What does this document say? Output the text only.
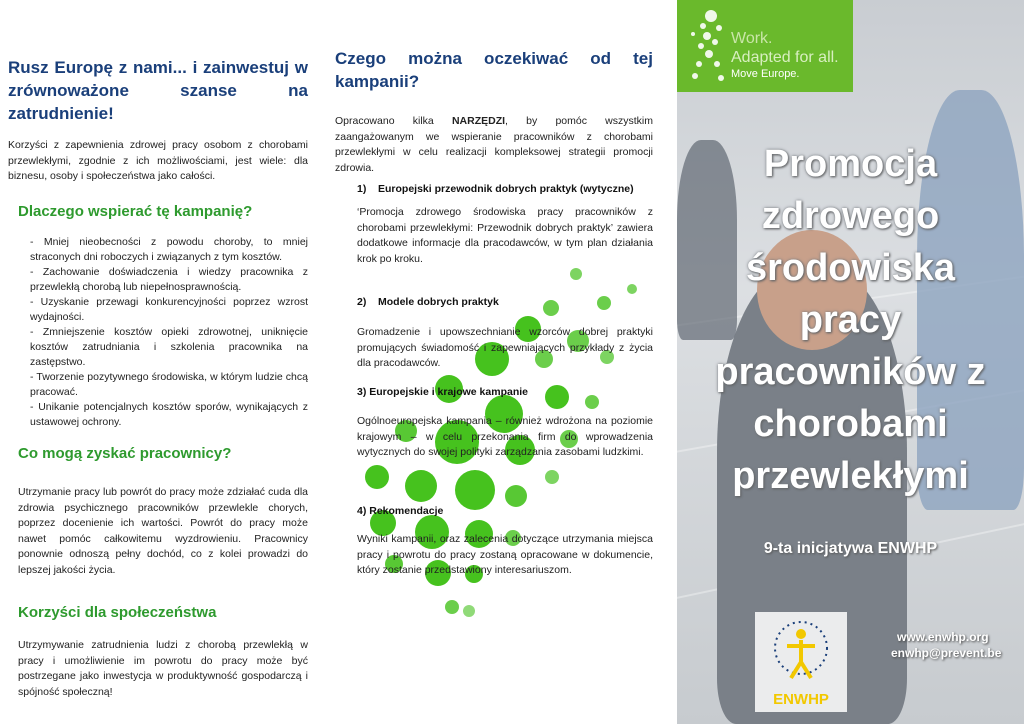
Rusz Europę z nami... i zainwestuj w zrównoważone szanse na zatrudnienie!

Korzyści z zapewnienia zdrowej pracy osobom z chorobami przewlekłymi, zgodnie z ich możliwościami, jest wiele: dla biznesu, osoby i społeczeństwa jako całości.

Dlaczego wspierać tę kampanię?
- Mniej nieobecności z powodu choroby, to mniej straconych dni roboczych i związanych z tym kosztów.
- Zachowanie doświadczenia i wiedzy pracownika z przewlekłą chorobą lub niepełnosprawnością.
- Uzyskanie przewagi konkurencyjności poprzez wzrost wydajności.
- Zmniejszenie kosztów opieki zdrowotnej, uniknięcie kosztów zatrudniania i szkolenia pracownika na zastępstwo.
- Tworzenie pozytywnego środowiska, w którym ludzie chcą pracować.
- Unikanie potencjalnych kosztów sporów, wynikających z ustawowej ochrony.
Co mogą zyskać pracownicy?

Utrzymanie pracy lub powrót do pracy może zdziałać cuda dla zdrowia psychicznego pracowników przewlekle chorych, poprzez docenienie ich wartości. Powrót do pracy może nawet pomóc całkowitemu wyzdrowieniu. Pracownicy ponownie odnoszą pełny dochód, co z kolei prowadzi do lepszej jakości życia.

Korzyści dla społeczeństwa

Utrzymywanie zatrudnienia ludzi z chorobą przewlekłą w pracy i umożliwienie im powrotu do pracy może być postrzegane jako inwestycja w produktywność gospodarczą i spójność społeczną!

Czego można oczekiwać od tej kampanii?

Opracowano kilka NARZĘDZI, by pomóc wszystkim zaangażowanym we wspieranie pracowników z chorobami przewlekłymi w celu realizacji kompleksowej strategii promocji zdrowia.

1)    Europejski przewodnik dobrych praktyk (wytyczne)

‘Promocja zdrowego środowiska pracy pracowników z chorobami przewlekłymi: Przewodnik dobrych praktyk’ zawiera dodatkowe informacje dla pracodawców, w tym plan działania krok po kroku.

2)    Modele dobrych praktyk

Gromadzenie i upowszechnianie wzorców dobrej praktyki promujących świadomość i zapewniających przykłady z życia dla pracodawców.

3) Europejskie i krajowe kampanie

Ogólnoeuropejska kampania – również wdrożona na poziomie krajowym – w celu przekonania firm do wprowadzenia wytycznych do swojej polityki zarządzania zasobami ludzkimi.

4) Rekomendacje

Wyniki kampanii, oraz zalecenia dotyczące utrzymania miejsca pracy i powrotu do pracy zostaną opracowane w dokumencie, który zostanie przedstawiony interesariuszom.

Work.
Adapted for all.
Move Europe.
Promocja
zdrowego
środowiska
pracy
pracowników z
chorobami
przewlekłymi
9-ta inicjatywa ENWHP
ENWHP
www.enwhp.org
enwhp@prevent.be
